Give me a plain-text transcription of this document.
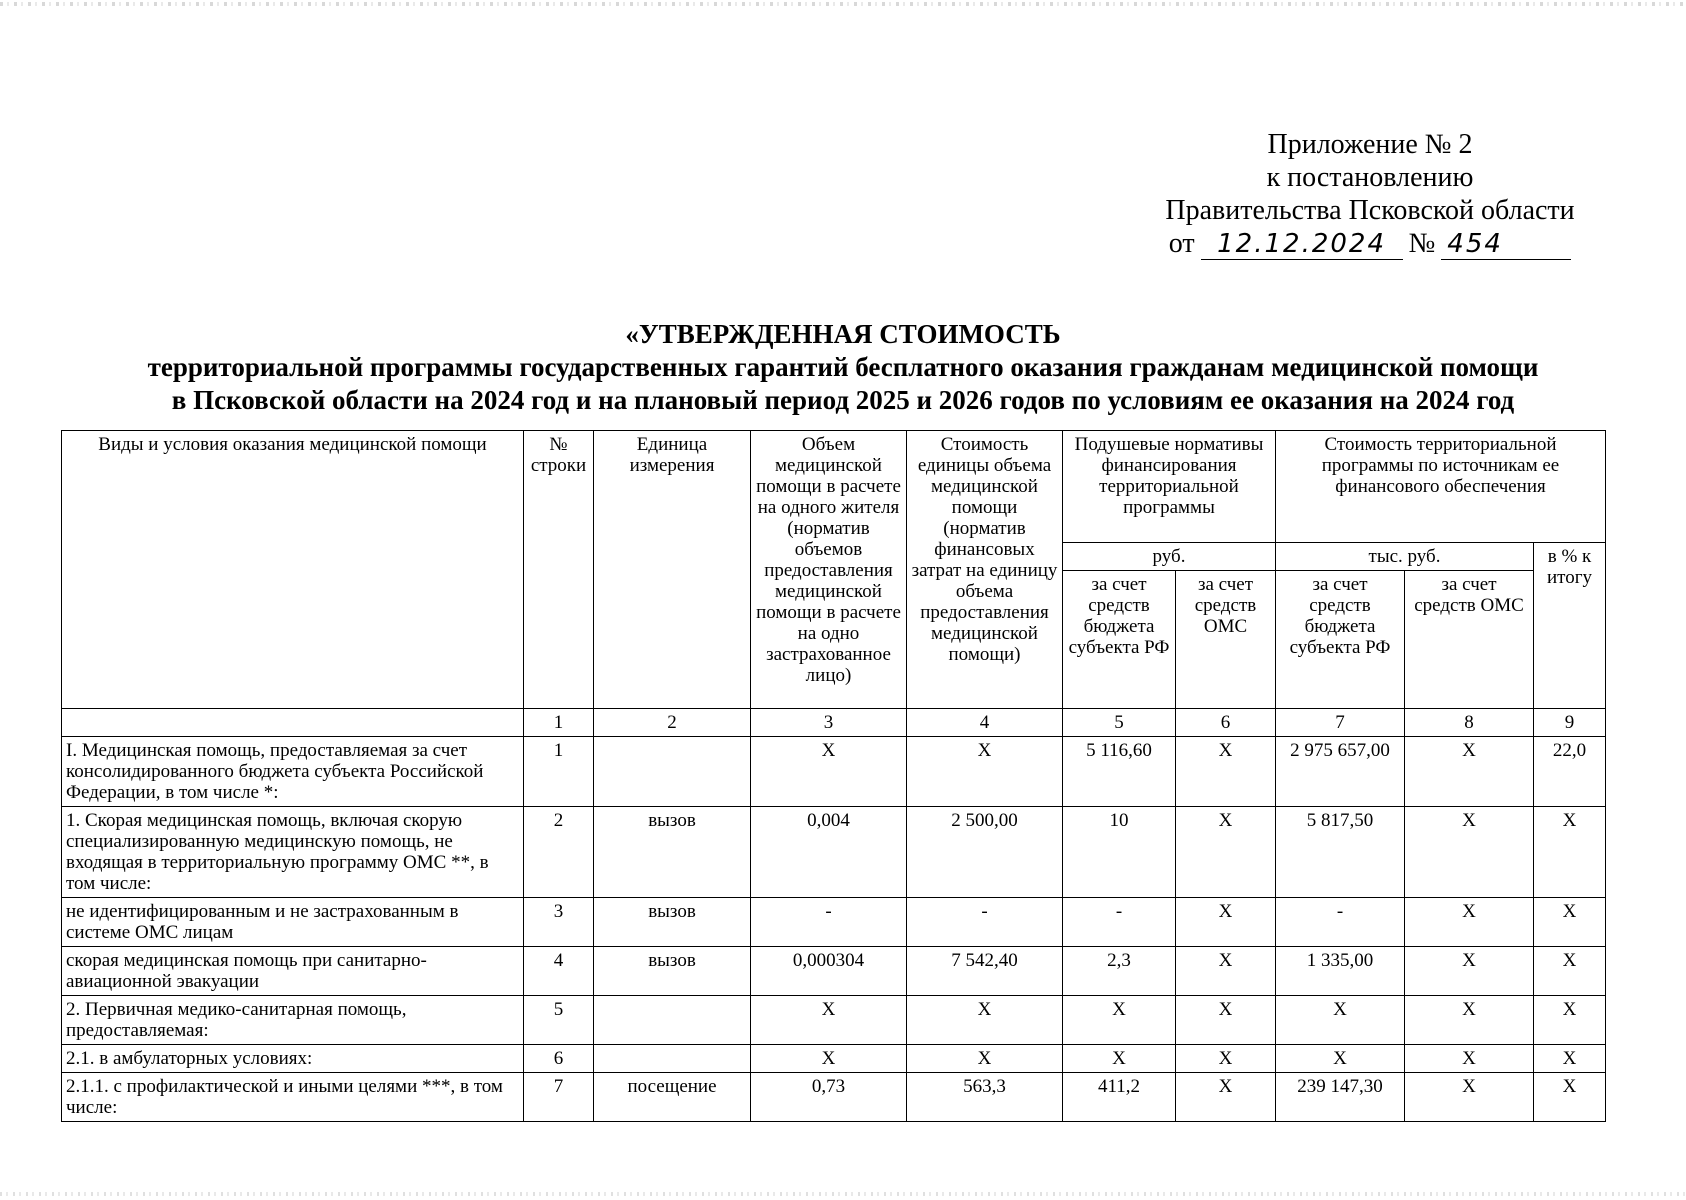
Приложение № 2
к постановлению
Правительства Псковской области
от 12.12.2024 № 454
«УТВЕРЖДЕННАЯ СТОИМОСТЬ
территориальной программы государственных гарантий бесплатного оказания гражданам медицинской помощи
в Псковской области на 2024 год и на плановый период 2025 и 2026 годов по условиям ее оказания на 2024 год
Виды и условия оказания медицинской помощи	№ строки	Единица измерения	Объем медицинской помощи в расчете на одного жителя (норматив объемов предоставления медицинской помощи в расчете на одно застрахованное лицо)	Стоимость единицы объема медицинской помощи (норматив финансовых затрат на единицу объема предоставления медицинской помощи)	Подушевые нормативы финансирования территориальной программы		Стоимость территориальной программы по источникам ее финансового обеспечения		
					руб.		тыс. руб.		в % к итогу
					за счет средств бюджета субъекта РФ	за счет средств ОМС	за счет средств бюджета субъекта РФ	за счет средств ОМС	
	1	2	3	4	5	6	7	8	9
I. Медицинская помощь, предоставляемая за счет консолидированного бюджета субъекта Российской Федерации, в том числе *:	1		X	X	5 116,60	X	2 975 657,00	X	22,0
1. Скорая медицинская помощь, включая скорую специализированную медицинскую помощь, не входящая в территориальную программу ОМС **, в том числе:	2	вызов	0,004	2 500,00	10	X	5 817,50	X	X
не идентифицированным и не застрахованным в системе ОМС лицам	3	вызов	-	-	-	X	-	X	X
скорая медицинская помощь при санитарно-авиационной эвакуации	4	вызов	0,000304	7 542,40	2,3	X	1 335,00	X	X
2. Первичная медико-санитарная помощь, предоставляемая:	5		X	X	X	X	X	X	X
2.1. в амбулаторных условиях:	6		X	X	X	X	X	X	X
2.1.1. с профилактической и иными целями ***, в том числе:	7	посещение	0,73	563,3	411,2	X	239 147,30	X	X
